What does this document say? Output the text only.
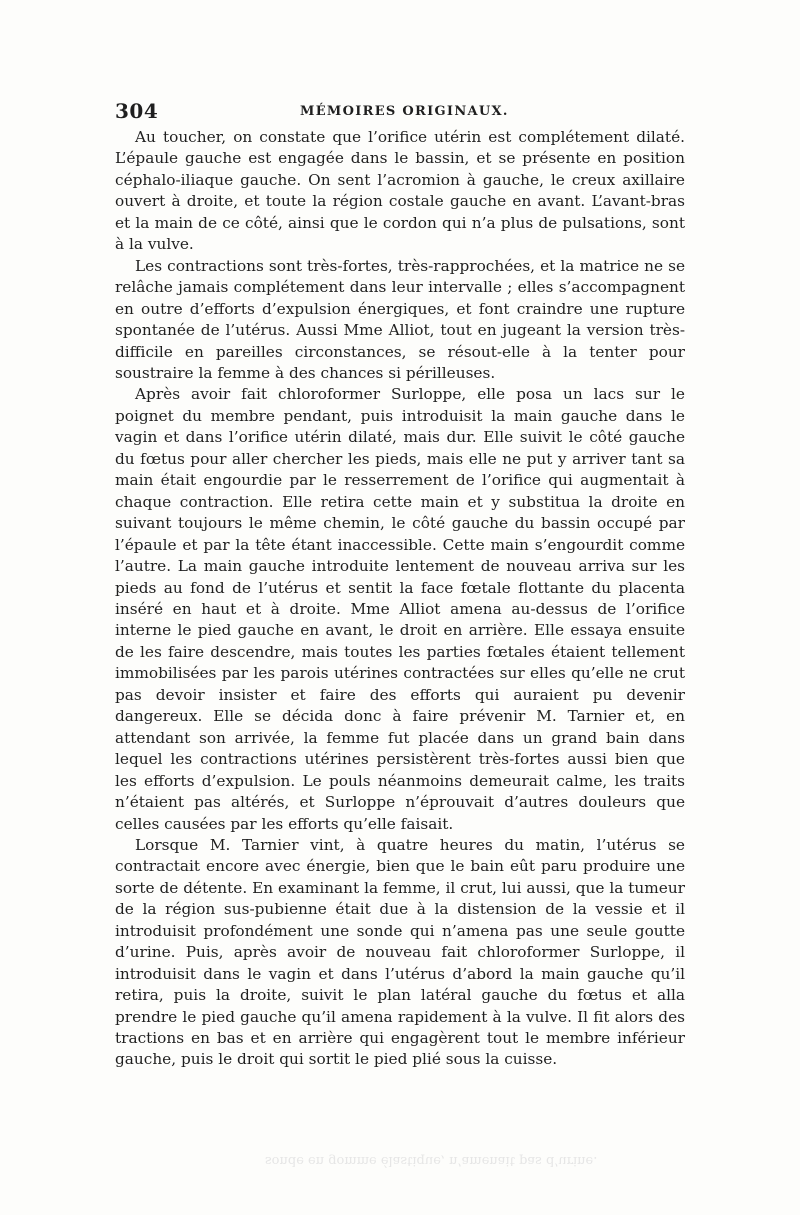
304	MÉMOIRES ORIGINAUX.

Au toucher, on constate que l’orifice utérin est complétement dilaté. L’épaule gauche est engagée dans le bassin, et se présente en position céphalo-iliaque gauche. On sent l’acromion à gauche, le creux axillaire ouvert à droite, et toute la région costale gauche en avant. L’avant-bras et la main de ce côté, ainsi que le cordon qui n’a plus de pulsations, sont à la vulve.

Les contractions sont très-fortes, très-rapprochées, et la matrice ne se relâche jamais complétement dans leur intervalle ; elles s’accompagnent en outre d’efforts d’expulsion énergiques, et font craindre une rupture spontanée de l’utérus. Aussi Mme Alliot, tout en jugeant la version très-difficile en pareilles circonstances, se résout-elle à la tenter pour soustraire la femme à des chances si périlleuses.

Après avoir fait chloroformer Surloppe, elle posa un lacs sur le poignet du membre pendant, puis introduisit la main gauche dans le vagin et dans l’orifice utérin dilaté, mais dur. Elle suivit le côté gauche du fœtus pour aller chercher les pieds, mais elle ne put y arriver tant sa main était engourdie par le resserrement de l’orifice qui augmentait à chaque contraction. Elle retira cette main et y substitua la droite en suivant toujours le même chemin, le côté gauche du bassin occupé par l’épaule et par la tête étant inaccessible. Cette main s’engourdit comme l’autre. La main gauche introduite lentement de nouveau arriva sur les pieds au fond de l’utérus et sentit la face fœtale flottante du placenta inséré en haut et à droite. Mme Alliot amena au-dessus de l’orifice interne le pied gauche en avant, le droit en arrière. Elle essaya ensuite de les faire descendre, mais toutes les parties fœtales étaient tellement immobilisées par les parois utérines contractées sur elles qu’elle ne crut pas devoir insister et faire des efforts qui auraient pu devenir dangereux. Elle se décida donc à faire prévenir M. Tarnier et, en attendant son arrivée, la femme fut placée dans un grand bain dans lequel les contractions utérines persistèrent très-fortes aussi bien que les efforts d’expulsion. Le pouls néanmoins demeurait calme, les traits n’étaient pas altérés, et Surloppe n’éprouvait d’autres douleurs que celles causées par les efforts qu’elle faisait.

Lorsque M. Tarnier vint, à quatre heures du matin, l’utérus se contractait encore avec énergie, bien que le bain eût paru produire une sorte de détente. En examinant la femme, il crut, lui aussi, que la tumeur de la région sus-pubienne était due à la distension de la vessie et il introduisit profondément une sonde qui n’amena pas une seule goutte d’urine. Puis, après avoir de nouveau fait chloroformer Surloppe, il introduisit dans le vagin et dans l’utérus d’abord la main gauche qu’il retira, puis la droite, suivit le plan latéral gauche du fœtus et alla prendre le pied gauche qu’il amena rapidement à la vulve. Il fit alors des tractions en bas et en arrière qui engagèrent tout le membre inférieur gauche, puis le droit qui sortit le pied plié sous la cuisse.

sonde en gomme élastique, n’amenait pas d’urine.
